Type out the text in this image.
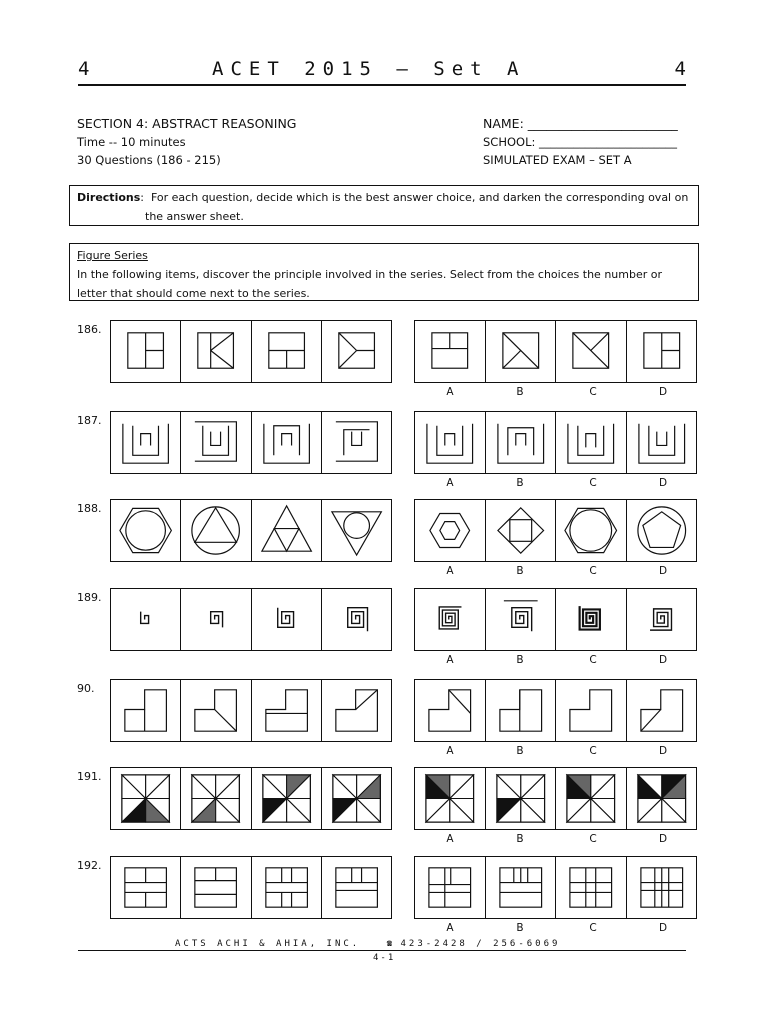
4	ACET 2015 – Set A	4
SECTION 4: ABSTRACT REASONING
Time -- 10 minutes
30 Questions (186 - 215)
NAME: ________________________
SCHOOL: ________________________
SIMULATED EXAM – SET A
Directions:  For each question, decide which is the best answer choice, and darken the corresponding oval on
the answer sheet.
Figure Series
In the following items, discover the principle involved in the series. Select from the choices the number or
letter that should come next to the series.
186.
A	B	C	D
187.
A	B	C	D
188.
A	B	C	D
189.
A	B	C	D
90.
A	B	C	D
191.
A	B	C	D
192.
A	B	C	D
ACTS ACHI & AHIA, INC.	☎ 423-2428 / 256-6069
4-1
